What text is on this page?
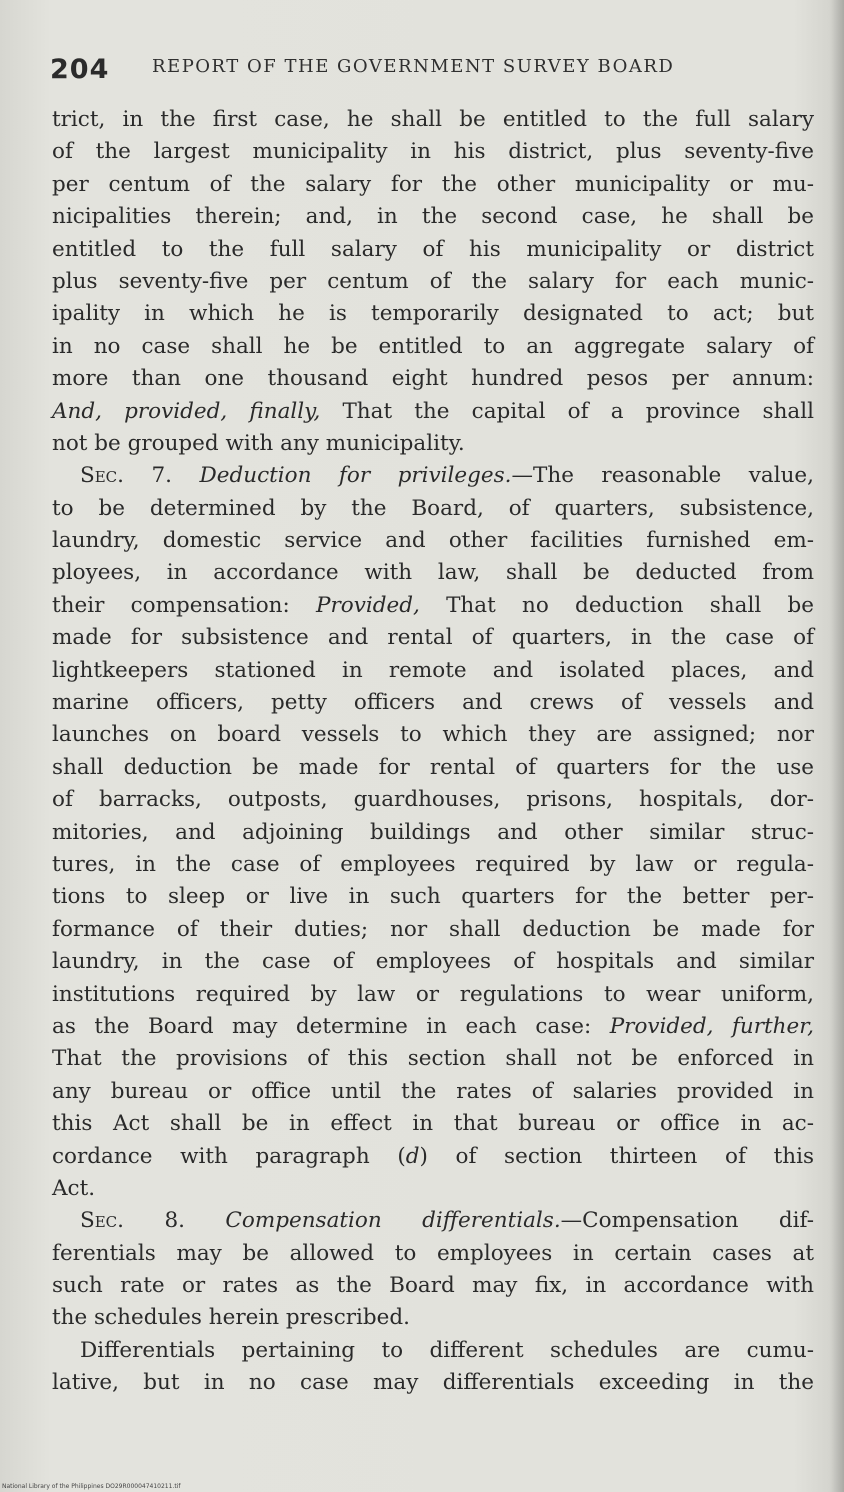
204 REPORT OF THE GOVERNMENT SURVEY BOARD
trict, in the first case, he shall be entitled to the full salary
of the largest municipality in his district, plus seventy-five
per centum of the salary for the other municipality or mu-
nicipalities therein; and, in the second case, he shall be
entitled to the full salary of his municipality or district
plus seventy-five per centum of the salary for each munic-
ipality in which he is temporarily designated to act; but
in no case shall he be entitled to an aggregate salary of
more than one thousand eight hundred pesos per annum:
And, provided, finally, That the capital of a province shall
not be grouped with any municipality.
Sec. 7. Deduction for privileges.—The reasonable value,
to be determined by the Board, of quarters, subsistence,
laundry, domestic service and other facilities furnished em-
ployees, in accordance with law, shall be deducted from
their compensation: Provided, That no deduction shall be
made for subsistence and rental of quarters, in the case of
lightkeepers stationed in remote and isolated places, and
marine officers, petty officers and crews of vessels and
launches on board vessels to which they are assigned; nor
shall deduction be made for rental of quarters for the use
of barracks, outposts, guardhouses, prisons, hospitals, dor-
mitories, and adjoining buildings and other similar struc-
tures, in the case of employees required by law or regula-
tions to sleep or live in such quarters for the better per-
formance of their duties; nor shall deduction be made for
laundry, in the case of employees of hospitals and similar
institutions required by law or regulations to wear uniform,
as the Board may determine in each case: Provided, further,
That the provisions of this section shall not be enforced in
any bureau or office until the rates of salaries provided in
this Act shall be in effect in that bureau or office in ac-
cordance with paragraph (d) of section thirteen of this
Act.
Sec. 8. Compensation differentials.—Compensation dif-
ferentials may be allowed to employees in certain cases at
such rate or rates as the Board may fix, in accordance with
the schedules herein prescribed.
Differentials pertaining to different schedules are cumu-
lative, but in no case may differentials exceeding in the
National Library of the Philippines DO29R000047410211.tif
